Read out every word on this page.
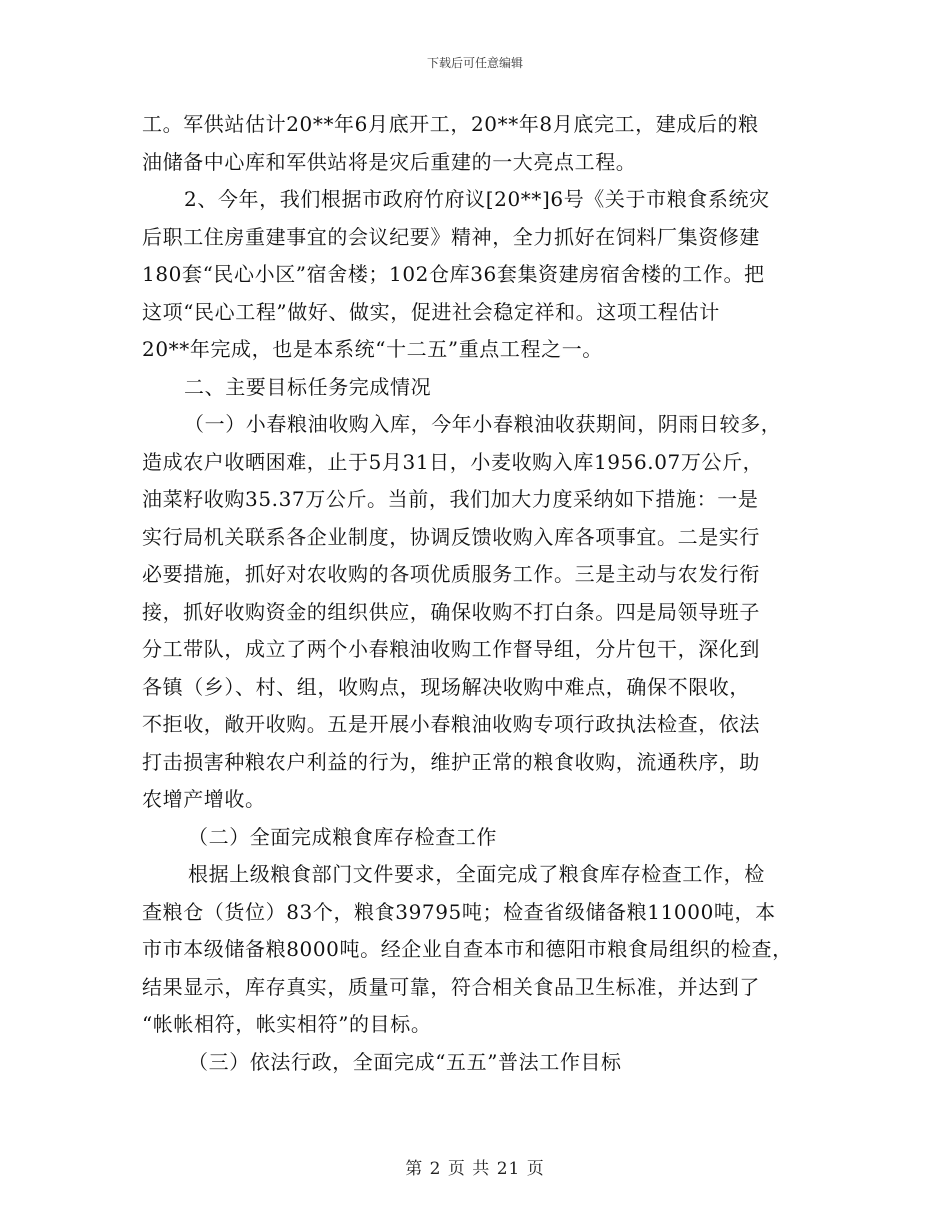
下载后可任意编辑
工。军供站估计20**年6月底开工，20**年8月底完工，建成后的粮
油储备中心库和军供站将是灾后重建的一大亮点工程。
2、今年，我们根据市政府竹府议[20**]6号《关于市粮食系统灾
后职工住房重建事宜的会议纪要》精神，全力抓好在饲料厂集资修建
180套“民心小区”宿舍楼；102仓库36套集资建房宿舍楼的工作。把
这项“民心工程”做好、做实，促进社会稳定祥和。这项工程估计
20**年完成，也是本系统“十二五”重点工程之一。
二、主要目标任务完成情况
（一）小春粮油收购入库，今年小春粮油收获期间，阴雨日较多，
造成农户收晒困难，止于5月31日，小麦收购入库1956.07万公斤，
油菜籽收购35.37万公斤。当前，我们加大力度采纳如下措施：一是
实行局机关联系各企业制度，协调反馈收购入库各项事宜。二是实行
必要措施，抓好对农收购的各项优质服务工作。三是主动与农发行衔
接，抓好收购资金的组织供应，确保收购不打白条。四是局领导班子
分工带队，成立了两个小春粮油收购工作督导组，分片包干，深化到
各镇（乡）、村、组，收购点，现场解决收购中难点，确保不限收，
不拒收，敞开收购。五是开展小春粮油收购专项行政执法检查，依法
打击损害种粮农户利益的行为，维护正常的粮食收购，流通秩序，助
农增产增收。
（二）全面完成粮食库存检查工作
根据上级粮食部门文件要求，全面完成了粮食库存检查工作，检
查粮仓（货位）83个，粮食39795吨；检查省级储备粮11000吨，本
市市本级储备粮8000吨。经企业自查本市和德阳市粮食局组织的检查，
结果显示，库存真实，质量可靠，符合相关食品卫生标准，并达到了
“帐帐相符，帐实相符”的目标。
（三）依法行政，全面完成“五五”普法工作目标
第 2 页 共 21 页
